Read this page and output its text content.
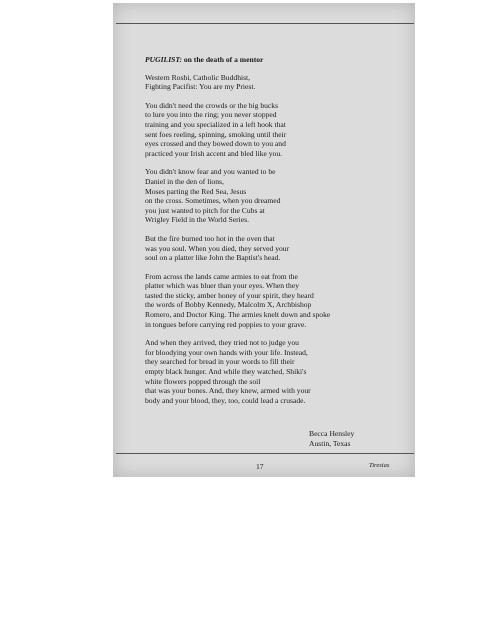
PUGILIST: on the death of a mentor
Western Roshi, Catholic Buddhist,
Fighting Pacifist: You are my Priest.
You didn't need the crowds or the big bucks
to lure you into the ring; you never stopped
training and you specialized in a left hook that
sent foes reeling, spinning, smoking until their
eyes crossed and they bowed down to you and
practiced your Irish accent and bled like you.
You didn't know fear and you wanted to be
Daniel in the den of lions,
Moses parting the Red Sea, Jesus
on the cross. Sometimes, when you dreamed
you just wanted to pitch for the Cubs at
Wrigley Field in the World Series.
But the fire burned too hot in the oven that
was you soul. When you died, they served your
soul on a platter like John the Baptist's head.
From across the lands came armies to eat from the
platter which was bluer than your eyes. When they
tasted the sticky, amber honey of your spirit, they heard
the words of Bobby Kennedy, Malcolm X, Archbishop
Romero, and Doctor King. The armies knelt down and spoke
in tongues before carrying red poppies to your grave.
And when they arrived, they tried not to judge you
for bloodying your own hands with your life. Instead,
they searched for bread in your words to fill their
empty black hunger. And while they watched, Shiki's
white flowers popped through the soil
that was your bones. And, they knew, armed with your
body and your blood, they, too, could lead a crusade.
Becca Hensley
Austin, Texas
17	Tiresias
